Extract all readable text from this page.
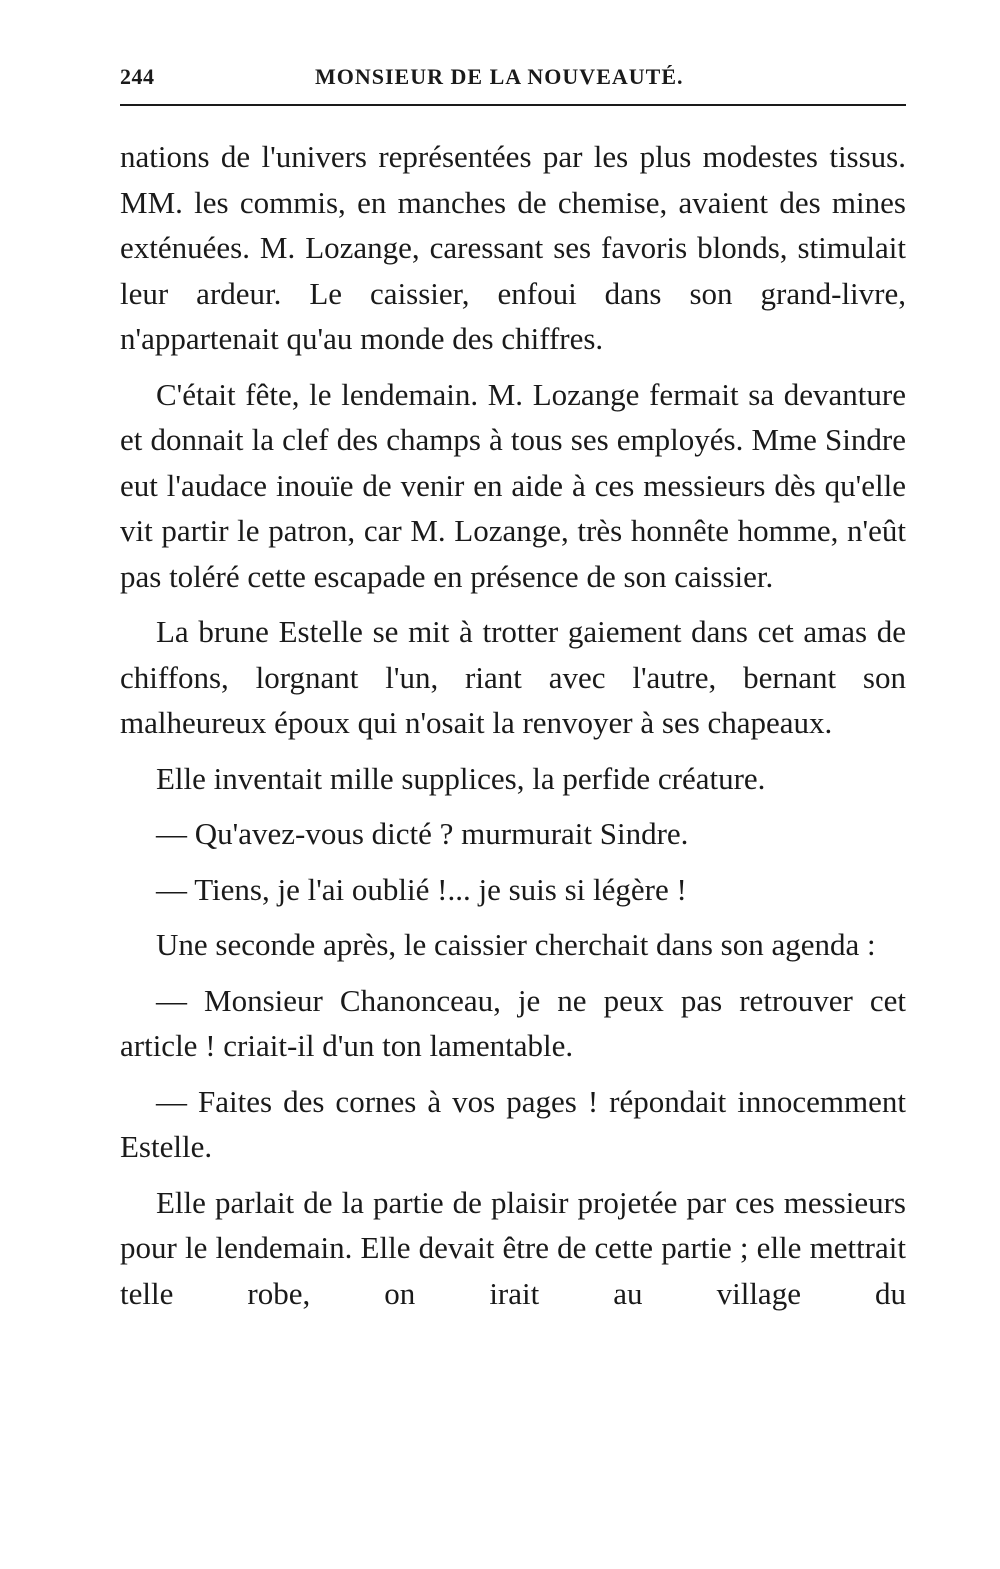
244	MONSIEUR DE LA NOUVEAUTÉ.

nations de l'univers représentées par les plus modestes tissus. MM. les commis, en manches de chemise, avaient des mines exténuées. M. Lozange, caressant ses favoris blonds, stimulait leur ardeur. Le caissier, enfoui dans son grand-livre, n'appartenait qu'au monde des chiffres.

C'était fête, le lendemain. M. Lozange fermait sa devanture et donnait la clef des champs à tous ses employés. Mme Sindre eut l'audace inouïe de venir en aide à ces messieurs dès qu'elle vit partir le patron, car M. Lozange, très honnête homme, n'eût pas toléré cette escapade en présence de son caissier.

La brune Estelle se mit à trotter gaiement dans cet amas de chiffons, lorgnant l'un, riant avec l'autre, bernant son malheureux époux qui n'osait la renvoyer à ses chapeaux.

Elle inventait mille supplices, la perfide créature.

— Qu'avez-vous dicté ? murmurait Sindre.

— Tiens, je l'ai oublié !... je suis si légère !

Une seconde après, le caissier cherchait dans son agenda :

— Monsieur Chanonceau, je ne peux pas retrouver cet article ! criait-il d'un ton lamentable.

— Faites des cornes à vos pages ! répondait innocemment Estelle.

Elle parlait de la partie de plaisir projetée par ces messieurs pour le lendemain. Elle devait être de cette partie ; elle mettrait telle robe, on irait au village du
